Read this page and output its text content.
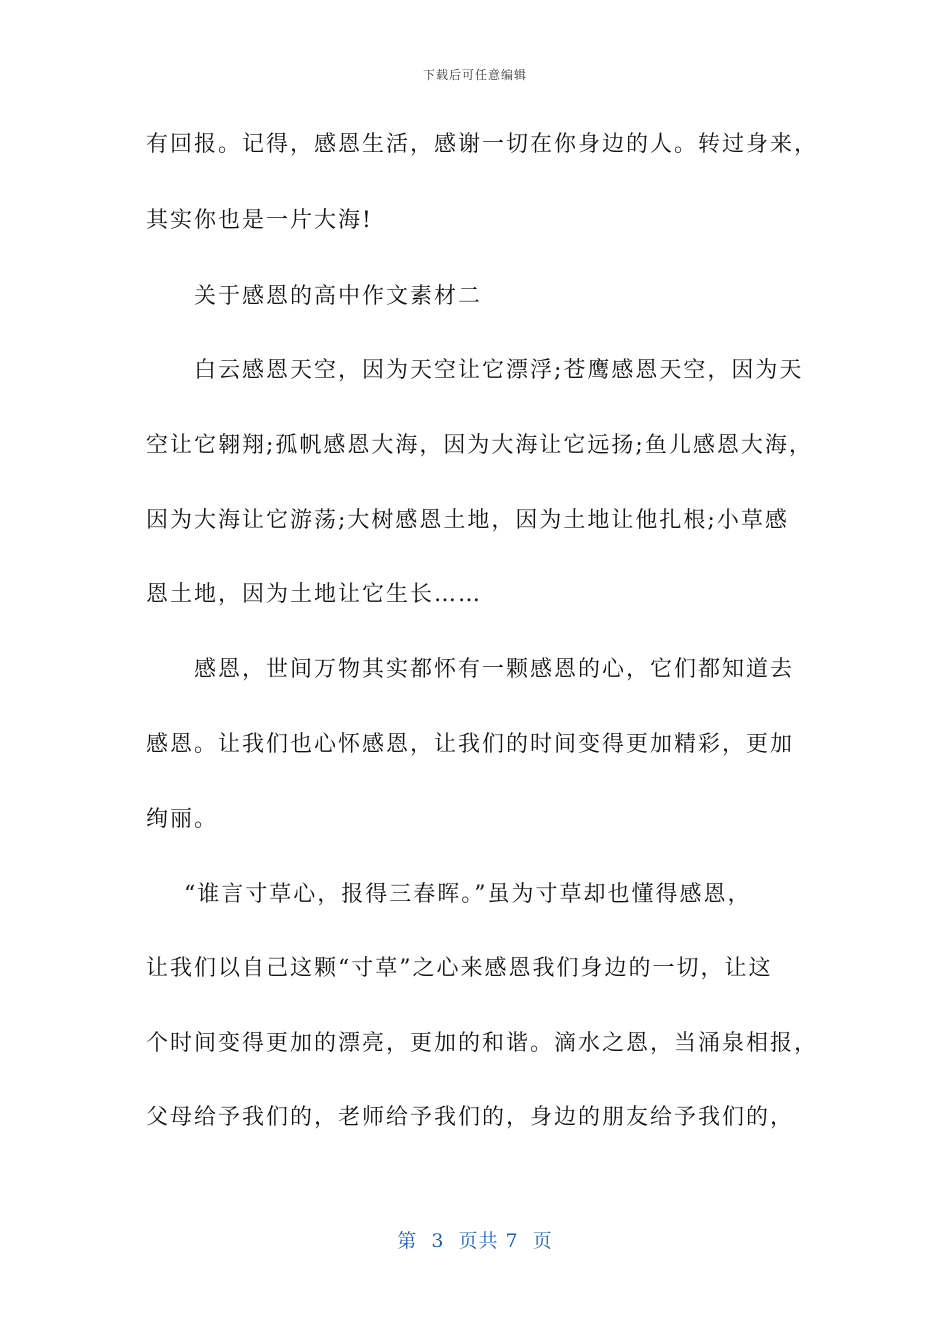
下载后可任意编辑
有回报。记得，感恩生活，感谢一切在你身边的人。转过身来，
其实你也是一片大海!
关于感恩的高中作文素材二
白云感恩天空，因为天空让它漂浮;苍鹰感恩天空，因为天
空让它翱翔;孤帆感恩大海，因为大海让它远扬;鱼儿感恩大海，
因为大海让它游荡;大树感恩土地，因为土地让他扎根;小草感
恩土地，因为土地让它生长……
感恩，世间万物其实都怀有一颗感恩的心，它们都知道去
感恩。让我们也心怀感恩，让我们的时间变得更加精彩，更加
绚丽。
“谁言寸草心，报得三春晖。”虽为寸草却也懂得感恩，
让我们以自己这颗“寸草”之心来感恩我们身边的一切，让这
个时间变得更加的漂亮，更加的和谐。滴水之恩，当涌泉相报，
父母给予我们的，老师给予我们的，身边的朋友给予我们的，
第  3  页共 7  页
